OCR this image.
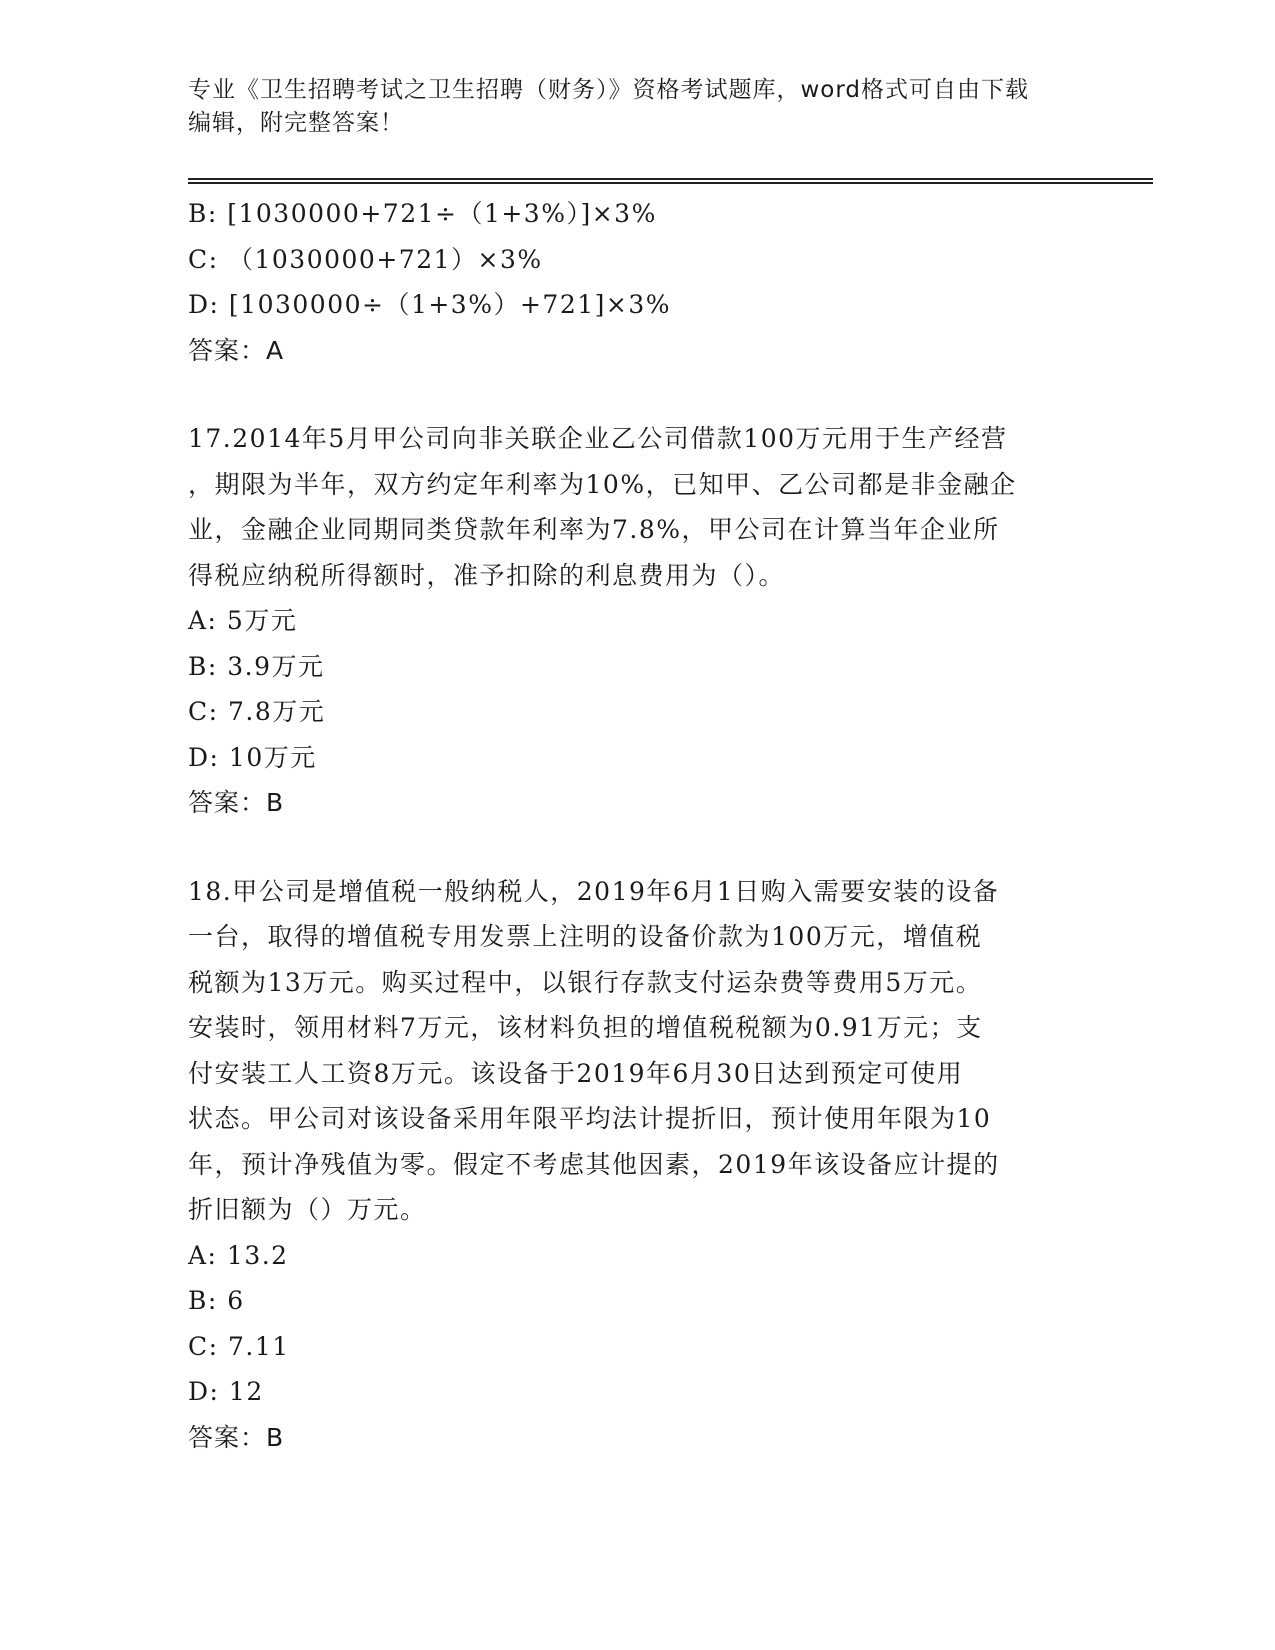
专业《卫生招聘考试之卫生招聘（财务）》资格考试题库，word格式可自由下载
编辑，附完整答案！
B: [1030000+721÷（1+3%）]×3%
C: （1030000+721）×3%
D: [1030000÷（1+3%）+721]×3%
答案：A
17.2014年5月甲公司向非关联企业乙公司借款100万元用于生产经营
，期限为半年，双方约定年利率为10%，已知甲、乙公司都是非金融企
业，金融企业同期同类贷款年利率为7.8%，甲公司在计算当年企业所
得税应纳税所得额时，准予扣除的利息费用为（）。
A: 5万元
B: 3.9万元
C: 7.8万元
D: 10万元
答案：B
18.甲公司是增值税一般纳税人，2019年6月1日购入需要安装的设备
一台，取得的增值税专用发票上注明的设备价款为100万元，增值税
税额为13万元。购买过程中，以银行存款支付运杂费等费用5万元。
安装时，领用材料7万元，该材料负担的增值税税额为0.91万元；支
付安装工人工资8万元。该设备于2019年6月30日达到预定可使用
状态。甲公司对该设备采用年限平均法计提折旧，预计使用年限为10
年，预计净残值为零。假定不考虑其他因素，2019年该设备应计提的
折旧额为（）万元。
A: 13.2
B: 6
C: 7.11
D: 12
答案：B
